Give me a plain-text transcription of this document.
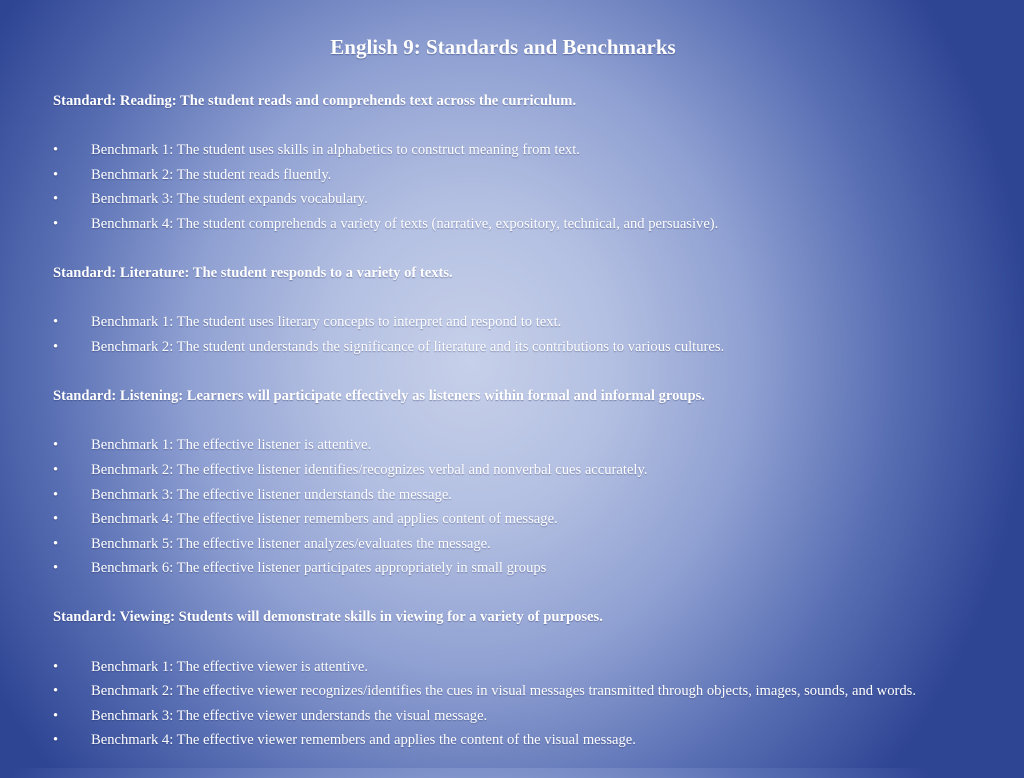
English 9: Standards and Benchmarks

Standard: Reading: The student reads and comprehends text across the curriculum.

• Benchmark 1: The student uses skills in alphabetics to construct meaning from text.
• Benchmark 2: The student reads fluently.
• Benchmark 3: The student expands vocabulary.
• Benchmark 4: The student comprehends a variety of texts (narrative, expository, technical, and persuasive).

Standard: Literature: The student responds to a variety of texts.

• Benchmark 1: The student uses literary concepts to interpret and respond to text.
• Benchmark 2: The student understands the significance of literature and its contributions to various cultures.

Standard: Listening: Learners will participate effectively as listeners within formal and informal groups.

• Benchmark 1: The effective listener is attentive.
• Benchmark 2: The effective listener identifies/recognizes verbal and nonverbal cues accurately.
• Benchmark 3: The effective listener understands the message.
• Benchmark 4: The effective listener remembers and applies content of message.
• Benchmark 5: The effective listener analyzes/evaluates the message.
• Benchmark 6: The effective listener participates appropriately in small groups

Standard: Viewing: Students will demonstrate skills in viewing for a variety of purposes.

• Benchmark 1: The effective viewer is attentive.
• Benchmark 2: The effective viewer recognizes/identifies the cues in visual messages transmitted through objects, images, sounds, and words.
• Benchmark 3: The effective viewer understands the visual message.
• Benchmark 4: The effective viewer remembers and applies the content of the visual message.
